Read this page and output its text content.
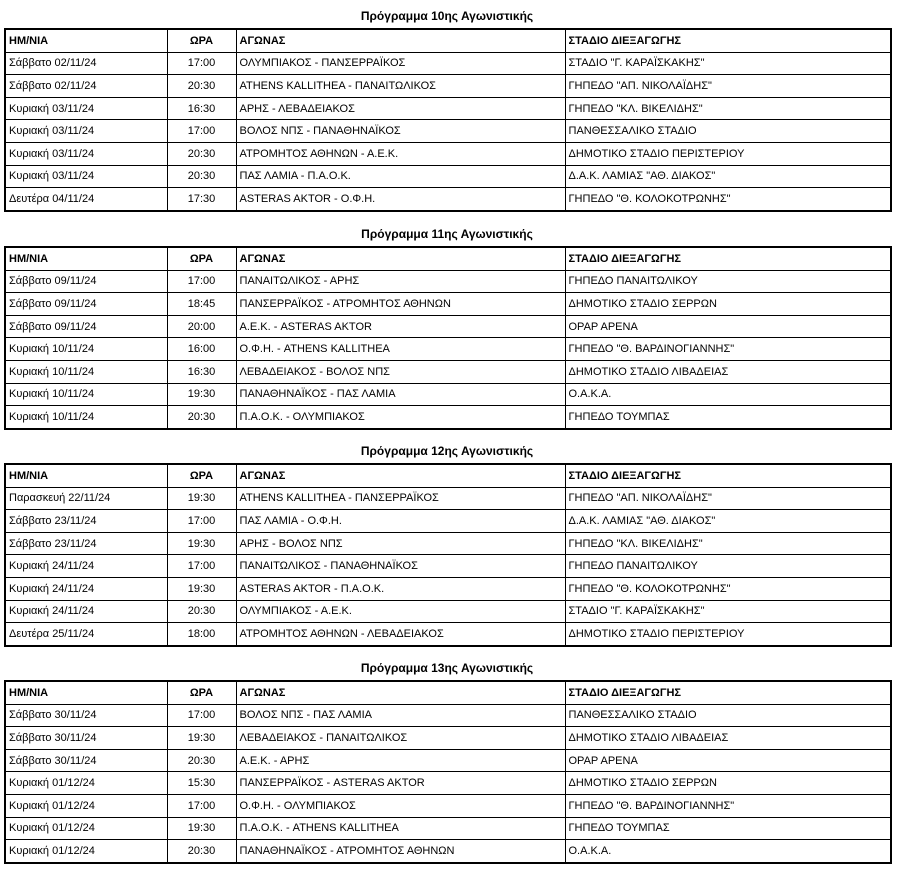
Πρόγραμμα 10ης Αγωνιστικής
ΗΜ/ΝΙΑ	ΩΡΑ	ΑΓΩΝΑΣ	ΣΤΑΔΙΟ ΔΙΕΞΑΓΩΓΗΣ
Σάββατο 02/11/24	17:00	ΟΛΥΜΠΙΑΚΟΣ - ΠΑΝΣΕΡΡΑΪΚΟΣ	ΣΤΑΔΙΟ "Γ. ΚΑΡΑΪΣΚΑΚΗΣ"
Σάββατο 02/11/24	20:30	ATHENS KALLITHEA - ΠΑΝΑΙΤΩΛΙΚΟΣ	ΓΗΠΕΔΟ "ΑΠ. ΝΙΚΟΛΑΪΔΗΣ"
Κυριακή 03/11/24	16:30	ΑΡΗΣ - ΛΕΒΑΔΕΙΑΚΟΣ	ΓΗΠΕΔΟ "ΚΛ. ΒΙΚΕΛΙΔΗΣ"
Κυριακή 03/11/24	17:00	ΒΟΛΟΣ ΝΠΣ - ΠΑΝΑΘΗΝΑΪΚΟΣ	ΠΑΝΘΕΣΣΑΛΙΚΟ ΣΤΑΔΙΟ
Κυριακή 03/11/24	20:30	ΑΤΡΟΜΗΤΟΣ ΑΘΗΝΩΝ - Α.Ε.Κ.	ΔΗΜΟΤΙΚΟ ΣΤΑΔΙΟ ΠΕΡΙΣΤΕΡΙΟΥ
Κυριακή 03/11/24	20:30	ΠΑΣ ΛΑΜΙΑ - Π.Α.Ο.Κ.	Δ.Α.Κ. ΛΑΜΙΑΣ "ΑΘ. ΔΙΑΚΟΣ"
Δευτέρα 04/11/24	17:30	ASTERAS AKTOR - Ο.Φ.Η.	ΓΗΠΕΔΟ "Θ. ΚΟΛΟΚΟΤΡΩΝΗΣ"
Πρόγραμμα 11ης Αγωνιστικής
ΗΜ/ΝΙΑ	ΩΡΑ	ΑΓΩΝΑΣ	ΣΤΑΔΙΟ ΔΙΕΞΑΓΩΓΗΣ
Σάββατο 09/11/24	17:00	ΠΑΝΑΙΤΩΛΙΚΟΣ - ΑΡΗΣ	ΓΗΠΕΔΟ ΠΑΝΑΙΤΩΛΙΚΟΥ
Σάββατο 09/11/24	18:45	ΠΑΝΣΕΡΡΑΪΚΟΣ - ΑΤΡΟΜΗΤΟΣ ΑΘΗΝΩΝ	ΔΗΜΟΤΙΚΟ ΣΤΑΔΙΟ ΣΕΡΡΩΝ
Σάββατο 09/11/24	20:00	Α.Ε.Κ. - ASTERAS AKTOR	ΟΡΑΡ ΑΡΕΝΑ
Κυριακή 10/11/24	16:00	Ο.Φ.Η. - ATHENS KALLITHEA	ΓΗΠΕΔΟ "Θ. ΒΑΡΔΙΝΟΓΙΑΝΝΗΣ"
Κυριακή 10/11/24	16:30	ΛΕΒΑΔΕΙΑΚΟΣ - ΒΟΛΟΣ ΝΠΣ	ΔΗΜΟΤΙΚΟ ΣΤΑΔΙΟ ΛΙΒΑΔΕΙΑΣ
Κυριακή 10/11/24	19:30	ΠΑΝΑΘΗΝΑΪΚΟΣ - ΠΑΣ ΛΑΜΙΑ	Ο.Α.Κ.Α.
Κυριακή 10/11/24	20:30	Π.Α.Ο.Κ. - ΟΛΥΜΠΙΑΚΟΣ	ΓΗΠΕΔΟ ΤΟΥΜΠΑΣ
Πρόγραμμα 12ης Αγωνιστικής
ΗΜ/ΝΙΑ	ΩΡΑ	ΑΓΩΝΑΣ	ΣΤΑΔΙΟ ΔΙΕΞΑΓΩΓΗΣ
Παρασκευή 22/11/24	19:30	ATHENS KALLITHEA - ΠΑΝΣΕΡΡΑΪΚΟΣ	ΓΗΠΕΔΟ "ΑΠ. ΝΙΚΟΛΑΪΔΗΣ"
Σάββατο 23/11/24	17:00	ΠΑΣ ΛΑΜΙΑ - Ο.Φ.Η.	Δ.Α.Κ. ΛΑΜΙΑΣ "ΑΘ. ΔΙΑΚΟΣ"
Σάββατο 23/11/24	19:30	ΑΡΗΣ - ΒΟΛΟΣ ΝΠΣ	ΓΗΠΕΔΟ "ΚΛ. ΒΙΚΕΛΙΔΗΣ"
Κυριακή 24/11/24	17:00	ΠΑΝΑΙΤΩΛΙΚΟΣ - ΠΑΝΑΘΗΝΑΪΚΟΣ	ΓΗΠΕΔΟ ΠΑΝΑΙΤΩΛΙΚΟΥ
Κυριακή 24/11/24	19:30	ASTERAS AKTOR - Π.Α.Ο.Κ.	ΓΗΠΕΔΟ "Θ. ΚΟΛΟΚΟΤΡΩΝΗΣ"
Κυριακή 24/11/24	20:30	ΟΛΥΜΠΙΑΚΟΣ - Α.Ε.Κ.	ΣΤΑΔΙΟ "Γ. ΚΑΡΑΪΣΚΑΚΗΣ"
Δευτέρα 25/11/24	18:00	ΑΤΡΟΜΗΤΟΣ ΑΘΗΝΩΝ - ΛΕΒΑΔΕΙΑΚΟΣ	ΔΗΜΟΤΙΚΟ ΣΤΑΔΙΟ ΠΕΡΙΣΤΕΡΙΟΥ
Πρόγραμμα 13ης Αγωνιστικής
ΗΜ/ΝΙΑ	ΩΡΑ	ΑΓΩΝΑΣ	ΣΤΑΔΙΟ ΔΙΕΞΑΓΩΓΗΣ
Σάββατο 30/11/24	17:00	ΒΟΛΟΣ ΝΠΣ - ΠΑΣ ΛΑΜΙΑ	ΠΑΝΘΕΣΣΑΛΙΚΟ ΣΤΑΔΙΟ
Σάββατο 30/11/24	19:30	ΛΕΒΑΔΕΙΑΚΟΣ - ΠΑΝΑΙΤΩΛΙΚΟΣ	ΔΗΜΟΤΙΚΟ ΣΤΑΔΙΟ ΛΙΒΑΔΕΙΑΣ
Σάββατο 30/11/24	20:30	Α.Ε.Κ. - ΑΡΗΣ	ΟΡΑΡ ΑΡΕΝΑ
Κυριακή 01/12/24	15:30	ΠΑΝΣΕΡΡΑΪΚΟΣ - ASTERAS AKTOR	ΔΗΜΟΤΙΚΟ ΣΤΑΔΙΟ ΣΕΡΡΩΝ
Κυριακή 01/12/24	17:00	Ο.Φ.Η. - ΟΛΥΜΠΙΑΚΟΣ	ΓΗΠΕΔΟ "Θ. ΒΑΡΔΙΝΟΓΙΑΝΝΗΣ"
Κυριακή 01/12/24	19:30	Π.Α.Ο.Κ. - ATHENS KALLITHEA	ΓΗΠΕΔΟ ΤΟΥΜΠΑΣ
Κυριακή 01/12/24	20:30	ΠΑΝΑΘΗΝΑΪΚΟΣ - ΑΤΡΟΜΗΤΟΣ ΑΘΗΝΩΝ	Ο.Α.Κ.Α.
